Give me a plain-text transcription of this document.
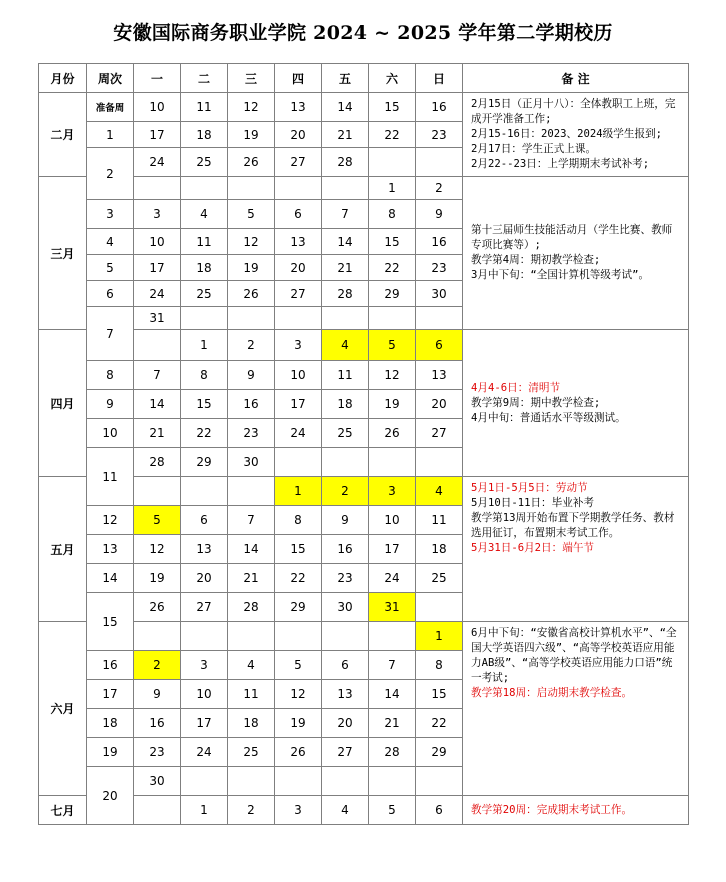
安徽国际商务职业学院 2024 ~ 2025 学年第二学期校历
月份	周次	一	二	三	四	五	六	日	备 注
二月	准备周	10	11	12	13	14	15	16	2月15日（正月十八）：全体教职工上班，完成开学准备工作;
2月15-16日：2023、2024级学生报到;
2月17日：学生正式上课。
2月22--23日：上学期期末考试补考;

	1	17	18	19	20	21	22	23	
	2	24	25	26	27	28			
三月							1	2	第十三届师生技能活动月（学生比赛、教师专项比赛等）;
教学第4周：期初教学检查;
3月中下旬：“全国计算机等级考试”。

	3	3	4	5	6	7	8	9	
	4	10	11	12	13	14	15	16	
	5	17	18	19	20	21	22	23	
	6	24	25	26	27	28	29	30	
	7	31							
四月			1	2	3	4	5	6	4月4-6日：清明节
教学第9周：期中教学检查;
4月中旬：普通话水平等级测试。

	8	7	8	9	10	11	12	13	
	9	14	15	16	17	18	19	20	
	10	21	22	23	24	25	26	27	
	11	28	29	30					
五月					1	2	3	4	5月1日-5月5日：劳动节
5月10日-11日：毕业补考
教学第13周开始布置下学期教学任务、教材选用征订，布置期末考试工作。
5月31日-6月2日：端午节

	12	5	6	7	8	9	10	11	
	13	12	13	14	15	16	17	18	
	14	19	20	21	22	23	24	25	
	15	26	27	28	29	30	31		
六月								1	6月中下旬：“安徽省高校计算机水平”、“全国大学英语四六级”、“高等学校英语应用能力AB级”、“高等学校英语应用能力口语”统一考试;
教学第18周：启动期末教学检查。

	16	2	3	4	5	6	7	8	
	17	9	10	11	12	13	14	15	
	18	16	17	18	19	20	21	22	
	19	23	24	25	26	27	28	29	
	20	30							
七月			1	2	3	4	5	6	教学第20周：完成期末考试工作。
